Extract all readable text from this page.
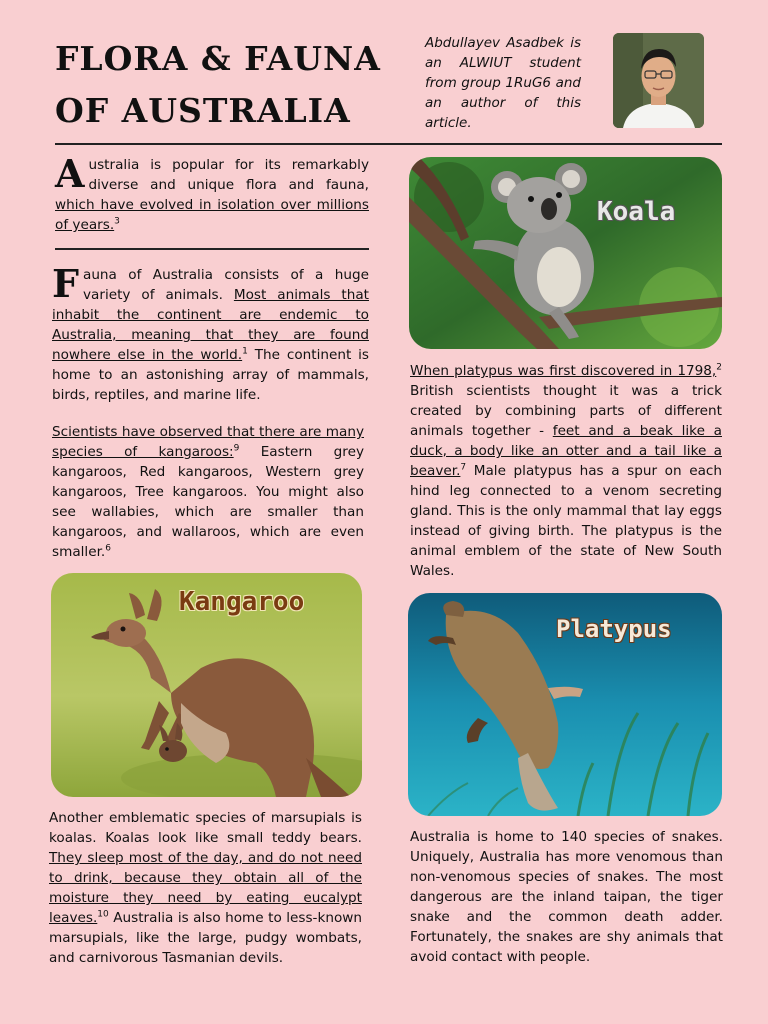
FLORA & FAUNA
OF AUSTRALIA
Abdullayev Asadbek is an ALWIUT student from group 1RuG6 and an author of this article.

Australia is popular for its remarkably diverse and unique flora and fauna, which have evolved in isolation over millions of years.$^3$

Fauna of Australia consists of a huge variety of animals. Most animals that inhabit the continent are endemic to Australia, meaning that they are found nowhere else in the world.$^1$ The continent is home to an astonishing array of mammals, birds, reptiles, and marine life.

Scientists have observed that there are many species of kangaroos:$^9$ Eastern grey kangaroos, Red kangaroos, Western grey kangaroos, Tree kangaroos. You might also see wallabies, which are smaller than kangaroos, and wallaroos, which are even smaller.$^6$

Kangaroo

Another emblematic species of marsupials is koalas. Koalas look like small teddy bears. They sleep most of the day, and do not need to drink, because they obtain all of the moisture they need by eating eucalypt leaves.$^{10}$ Australia is also home to less-known marsupials, like the large, pudgy wombats, and carnivorous Tasmanian devils.

Koala

When platypus was first discovered in 1798,$^2$ British scientists thought it was a trick created by combining parts of different animals together - feet and a beak like a duck, a body like an otter and a tail like a beaver.$^7$ Male platypus has a spur on each hind leg connected to a venom secreting gland. This is the only mammal that lay eggs instead of giving birth. The platypus is the animal emblem of the state of New South Wales.

Platypus

Australia is home to 140 species of snakes. Uniquely, Australia has more venomous than non-venomous species of snakes. The most dangerous are the inland taipan, the tiger snake and the common death adder. Fortunately, the snakes are shy animals that avoid contact with people.
